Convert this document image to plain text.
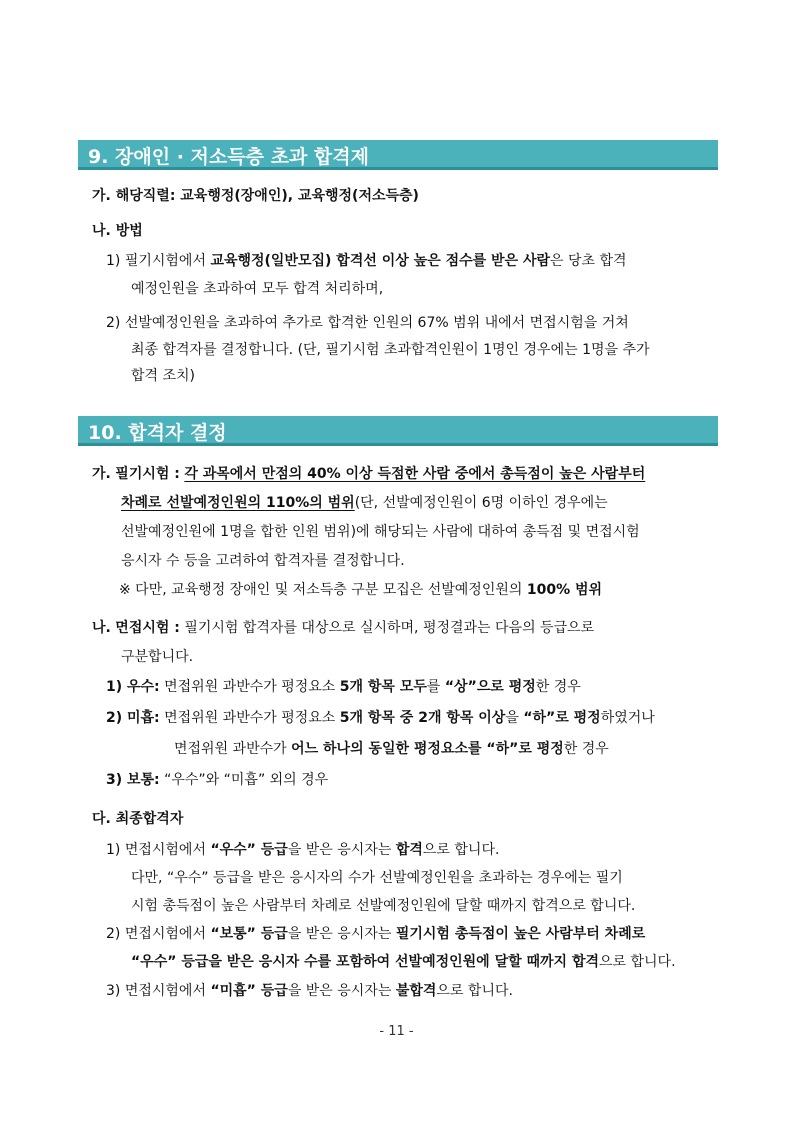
9. 장애인 · 저소득층 초과 합격제
가. 해당직렬: 교육행정(장애인), 교육행정(저소득층)
나. 방법
1) 필기시험에서 교육행정(일반모집) 합격선 이상 높은 점수를 받은 사람은 당초 합격
예정인원을 초과하여 모두 합격 처리하며,
2) 선발예정인원을 초과하여 추가로 합격한 인원의 67% 범위 내에서 면접시험을 거쳐
최종 합격자를 결정합니다. (단, 필기시험 초과합격인원이 1명인 경우에는 1명을 추가
합격 조치)
10. 합격자 결정
가. 필기시험 : 각 과목에서 만점의 40% 이상 득점한 사람 중에서 총득점이 높은 사람부터
차례로 선발예정인원의 110%의 범위(단, 선발예정인원이 6명 이하인 경우에는
선발예정인원에 1명을 합한 인원 범위)에 해당되는 사람에 대하여 총득점 및 면접시험
응시자 수 등을 고려하여 합격자를 결정합니다.
※ 다만, 교육행정 장애인 및 저소득층 구분 모집은 선발예정인원의 100% 범위
나. 면접시험 : 필기시험 합격자를 대상으로 실시하며, 평정결과는 다음의 등급으로
구분합니다.
1) 우수: 면접위원 과반수가 평정요소 5개 항목 모두를 “상”으로 평정한 경우
2) 미흡: 면접위원 과반수가 평정요소 5개 항목 중 2개 항목 이상을 “하”로 평정하였거나
면접위원 과반수가 어느 하나의 동일한 평정요소를 “하”로 평정한 경우
3) 보통: “우수”와 “미흡” 외의 경우
다. 최종합격자
1) 면접시험에서 “우수” 등급을 받은 응시자는 합격으로 합니다.
다만, “우수” 등급을 받은 응시자의 수가 선발예정인원을 초과하는 경우에는 필기
시험 총득점이 높은 사람부터 차례로 선발예정인원에 달할 때까지 합격으로 합니다.
2) 면접시험에서 “보통” 등급을 받은 응시자는 필기시험 총득점이 높은 사람부터 차례로
“우수” 등급을 받은 응시자 수를 포함하여 선발예정인원에 달할 때까지 합격으로 합니다.
3) 면접시험에서 “미흡” 등급을 받은 응시자는 불합격으로 합니다.
- 11 -
